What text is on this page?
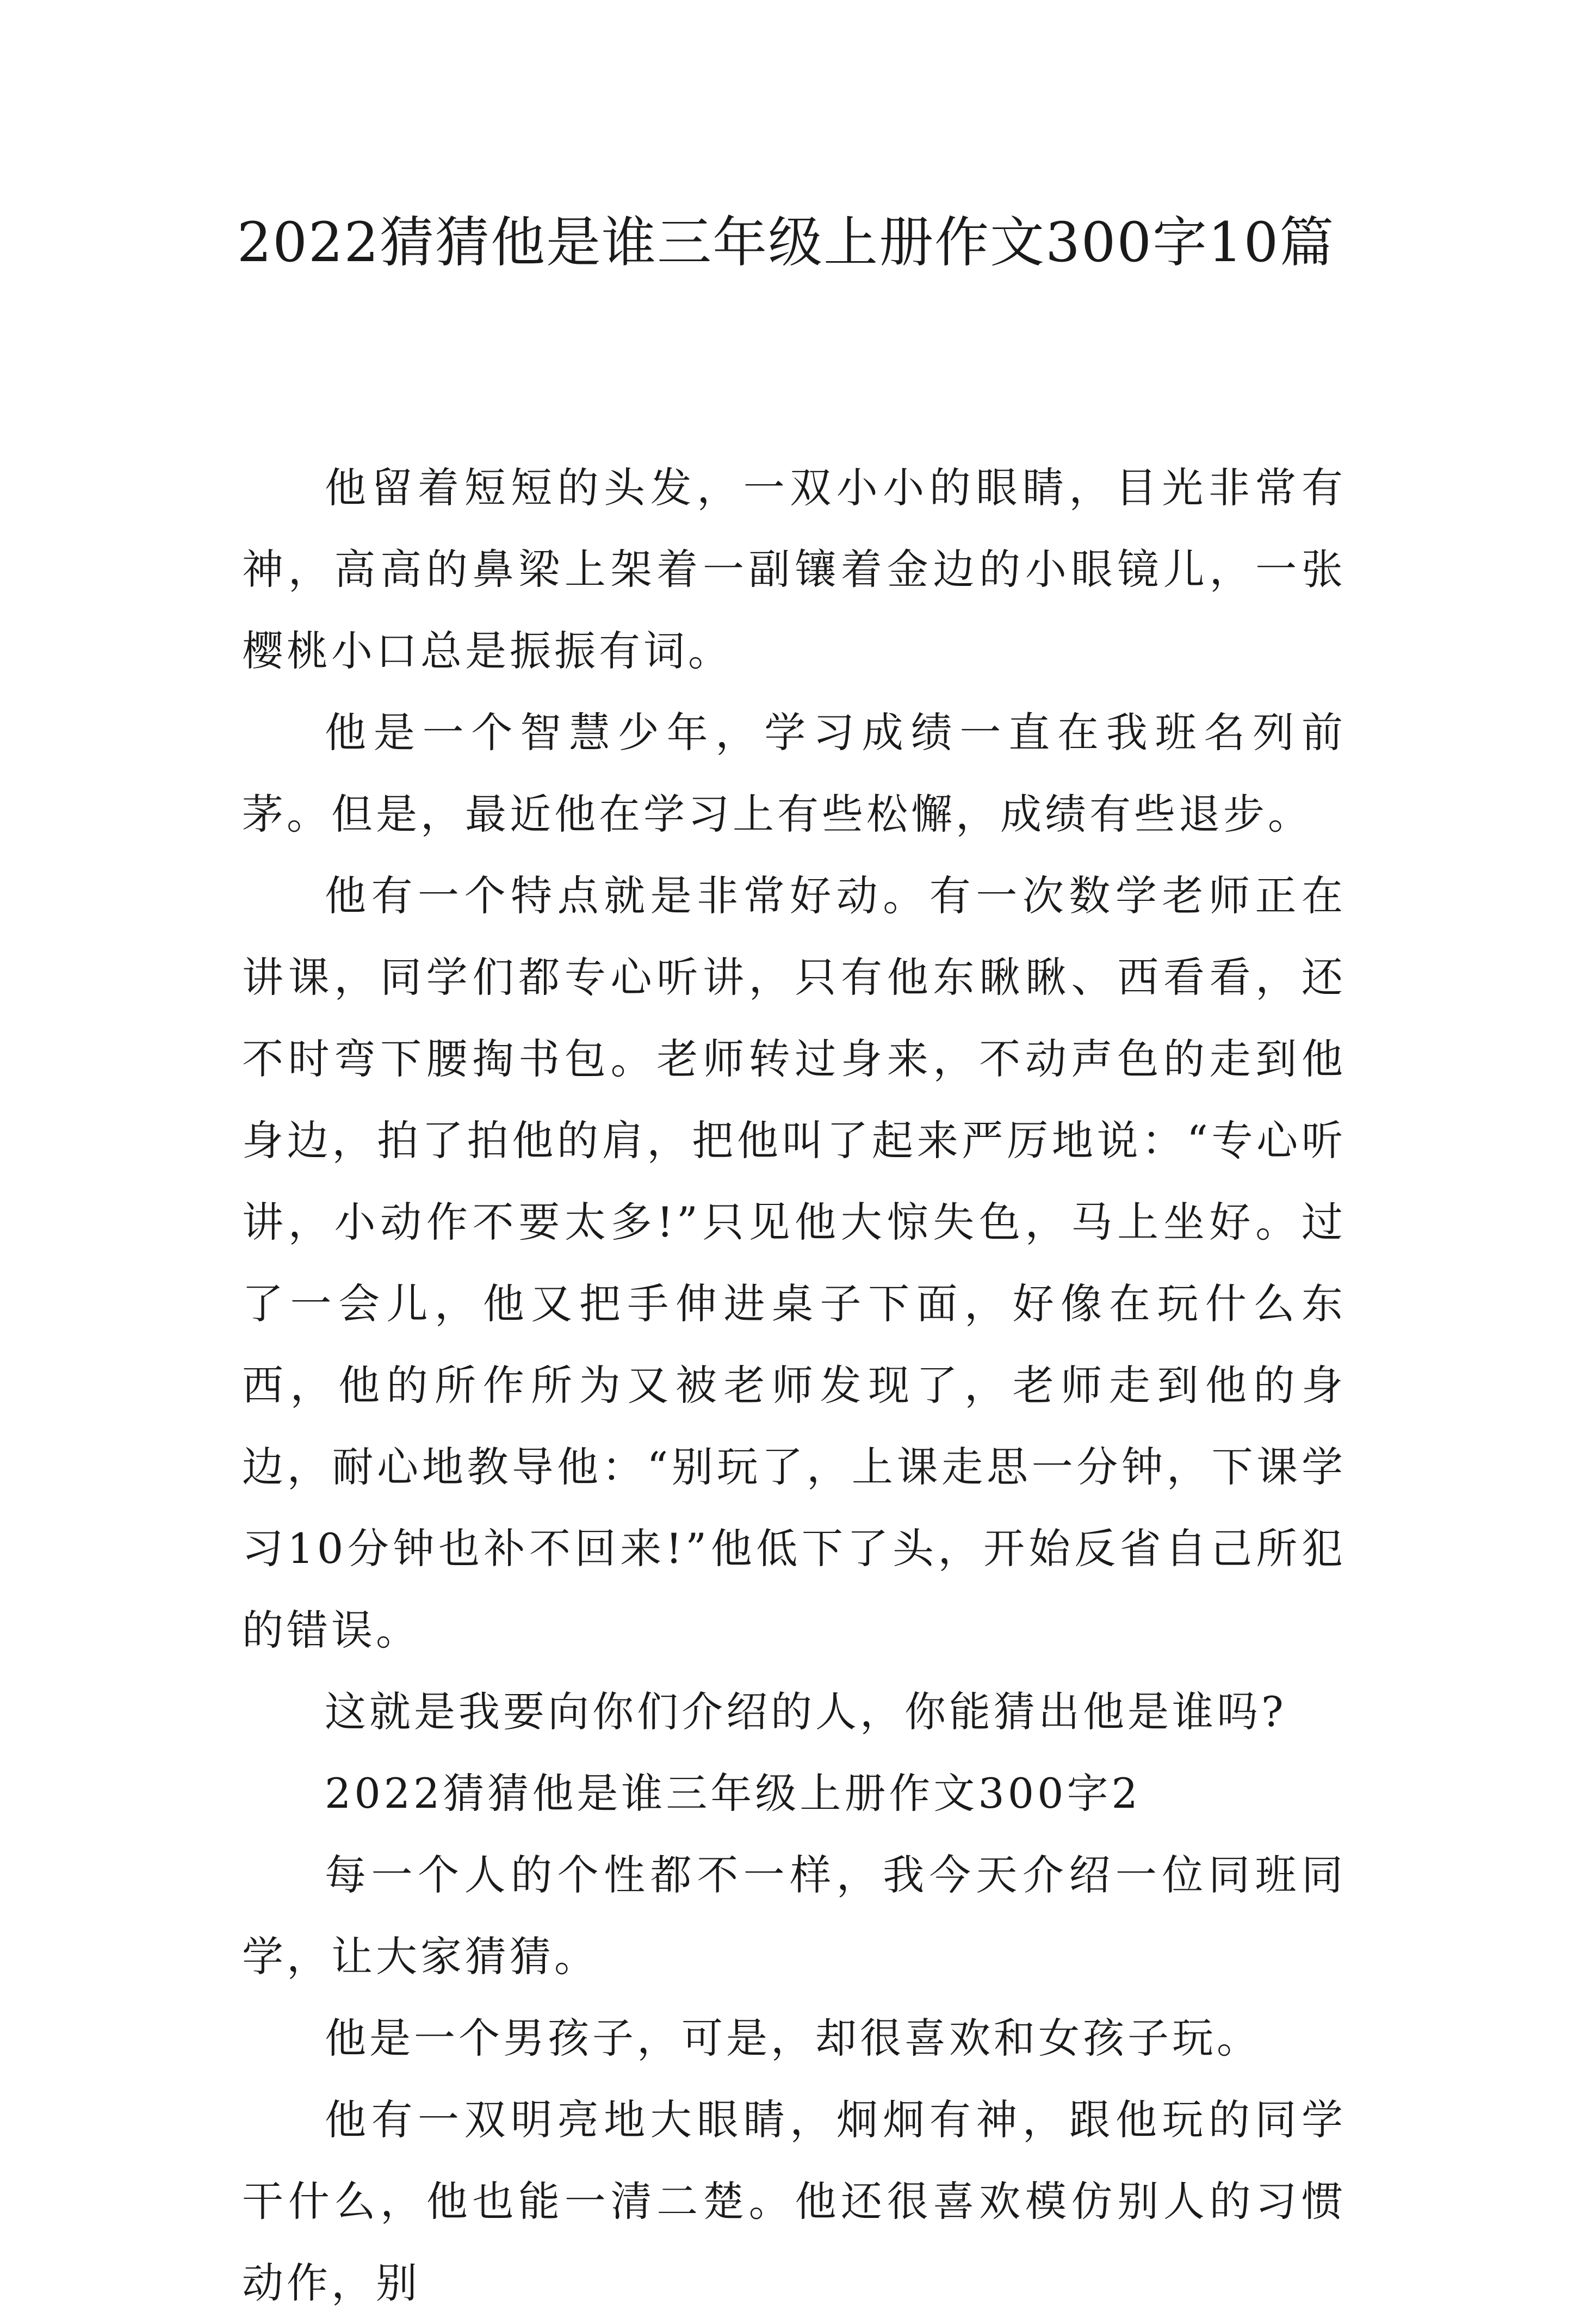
2022猜猜他是谁三年级上册作文300字10篇

他留着短短的头发，一双小小的眼睛，目光非常有神，高高的鼻梁上架着一副镶着金边的小眼镜儿，一张樱桃小口总是振振有词。

他是一个智慧少年，学习成绩一直在我班名列前茅。但是，最近他在学习上有些松懈，成绩有些退步。

他有一个特点就是非常好动。有一次数学老师正在讲课，同学们都专心听讲，只有他东瞅瞅、西看看，还不时弯下腰掏书包。老师转过身来，不动声色的走到他身边，拍了拍他的肩，把他叫了起来严厉地说：“专心听讲，小动作不要太多!”只见他大惊失色，马上坐好。过了一会儿，他又把手伸进桌子下面，好像在玩什么东西，他的所作所为又被老师发现了，老师走到他的身边，耐心地教导他：“别玩了，上课走思一分钟，下课学习10分钟也补不回来!”他低下了头，开始反省自己所犯的错误。

这就是我要向你们介绍的人，你能猜出他是谁吗?

2022猜猜他是谁三年级上册作文300字2

每一个人的个性都不一样，我今天介绍一位同班同学，让大家猜猜。

他是一个男孩子，可是，却很喜欢和女孩子玩。

他有一双明亮地大眼睛，炯炯有神，跟他玩的同学干什么，他也能一清二楚。他还很喜欢模仿别人的习惯动作，别
